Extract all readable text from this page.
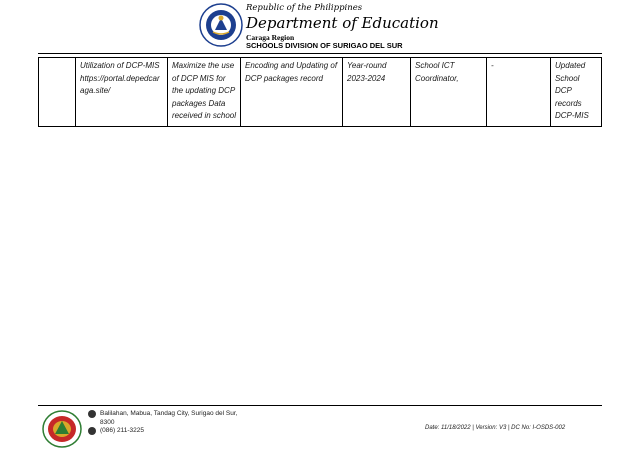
Republic of the Philippines
Department of Education
Caraga Region
SCHOOLS DIVISION OF SURIGAO DEL SUR
	Utilization of DCP-MIS https://portal.depedcaraga.site/	Maximize the use of DCP MIS for the updating DCP packages Data received in school	Encoding and Updating of DCP packages record	Year-round 2023-2024	School ICT Coordinator,	-	Updated School DCP records DCP-MIS
Balilahan, Mabua, Tandag City, Surigao del Sur, 8300
(086) 211-3225	Date: 11/18/2022 | Version: V3 | DC No: I-OSDS-002
